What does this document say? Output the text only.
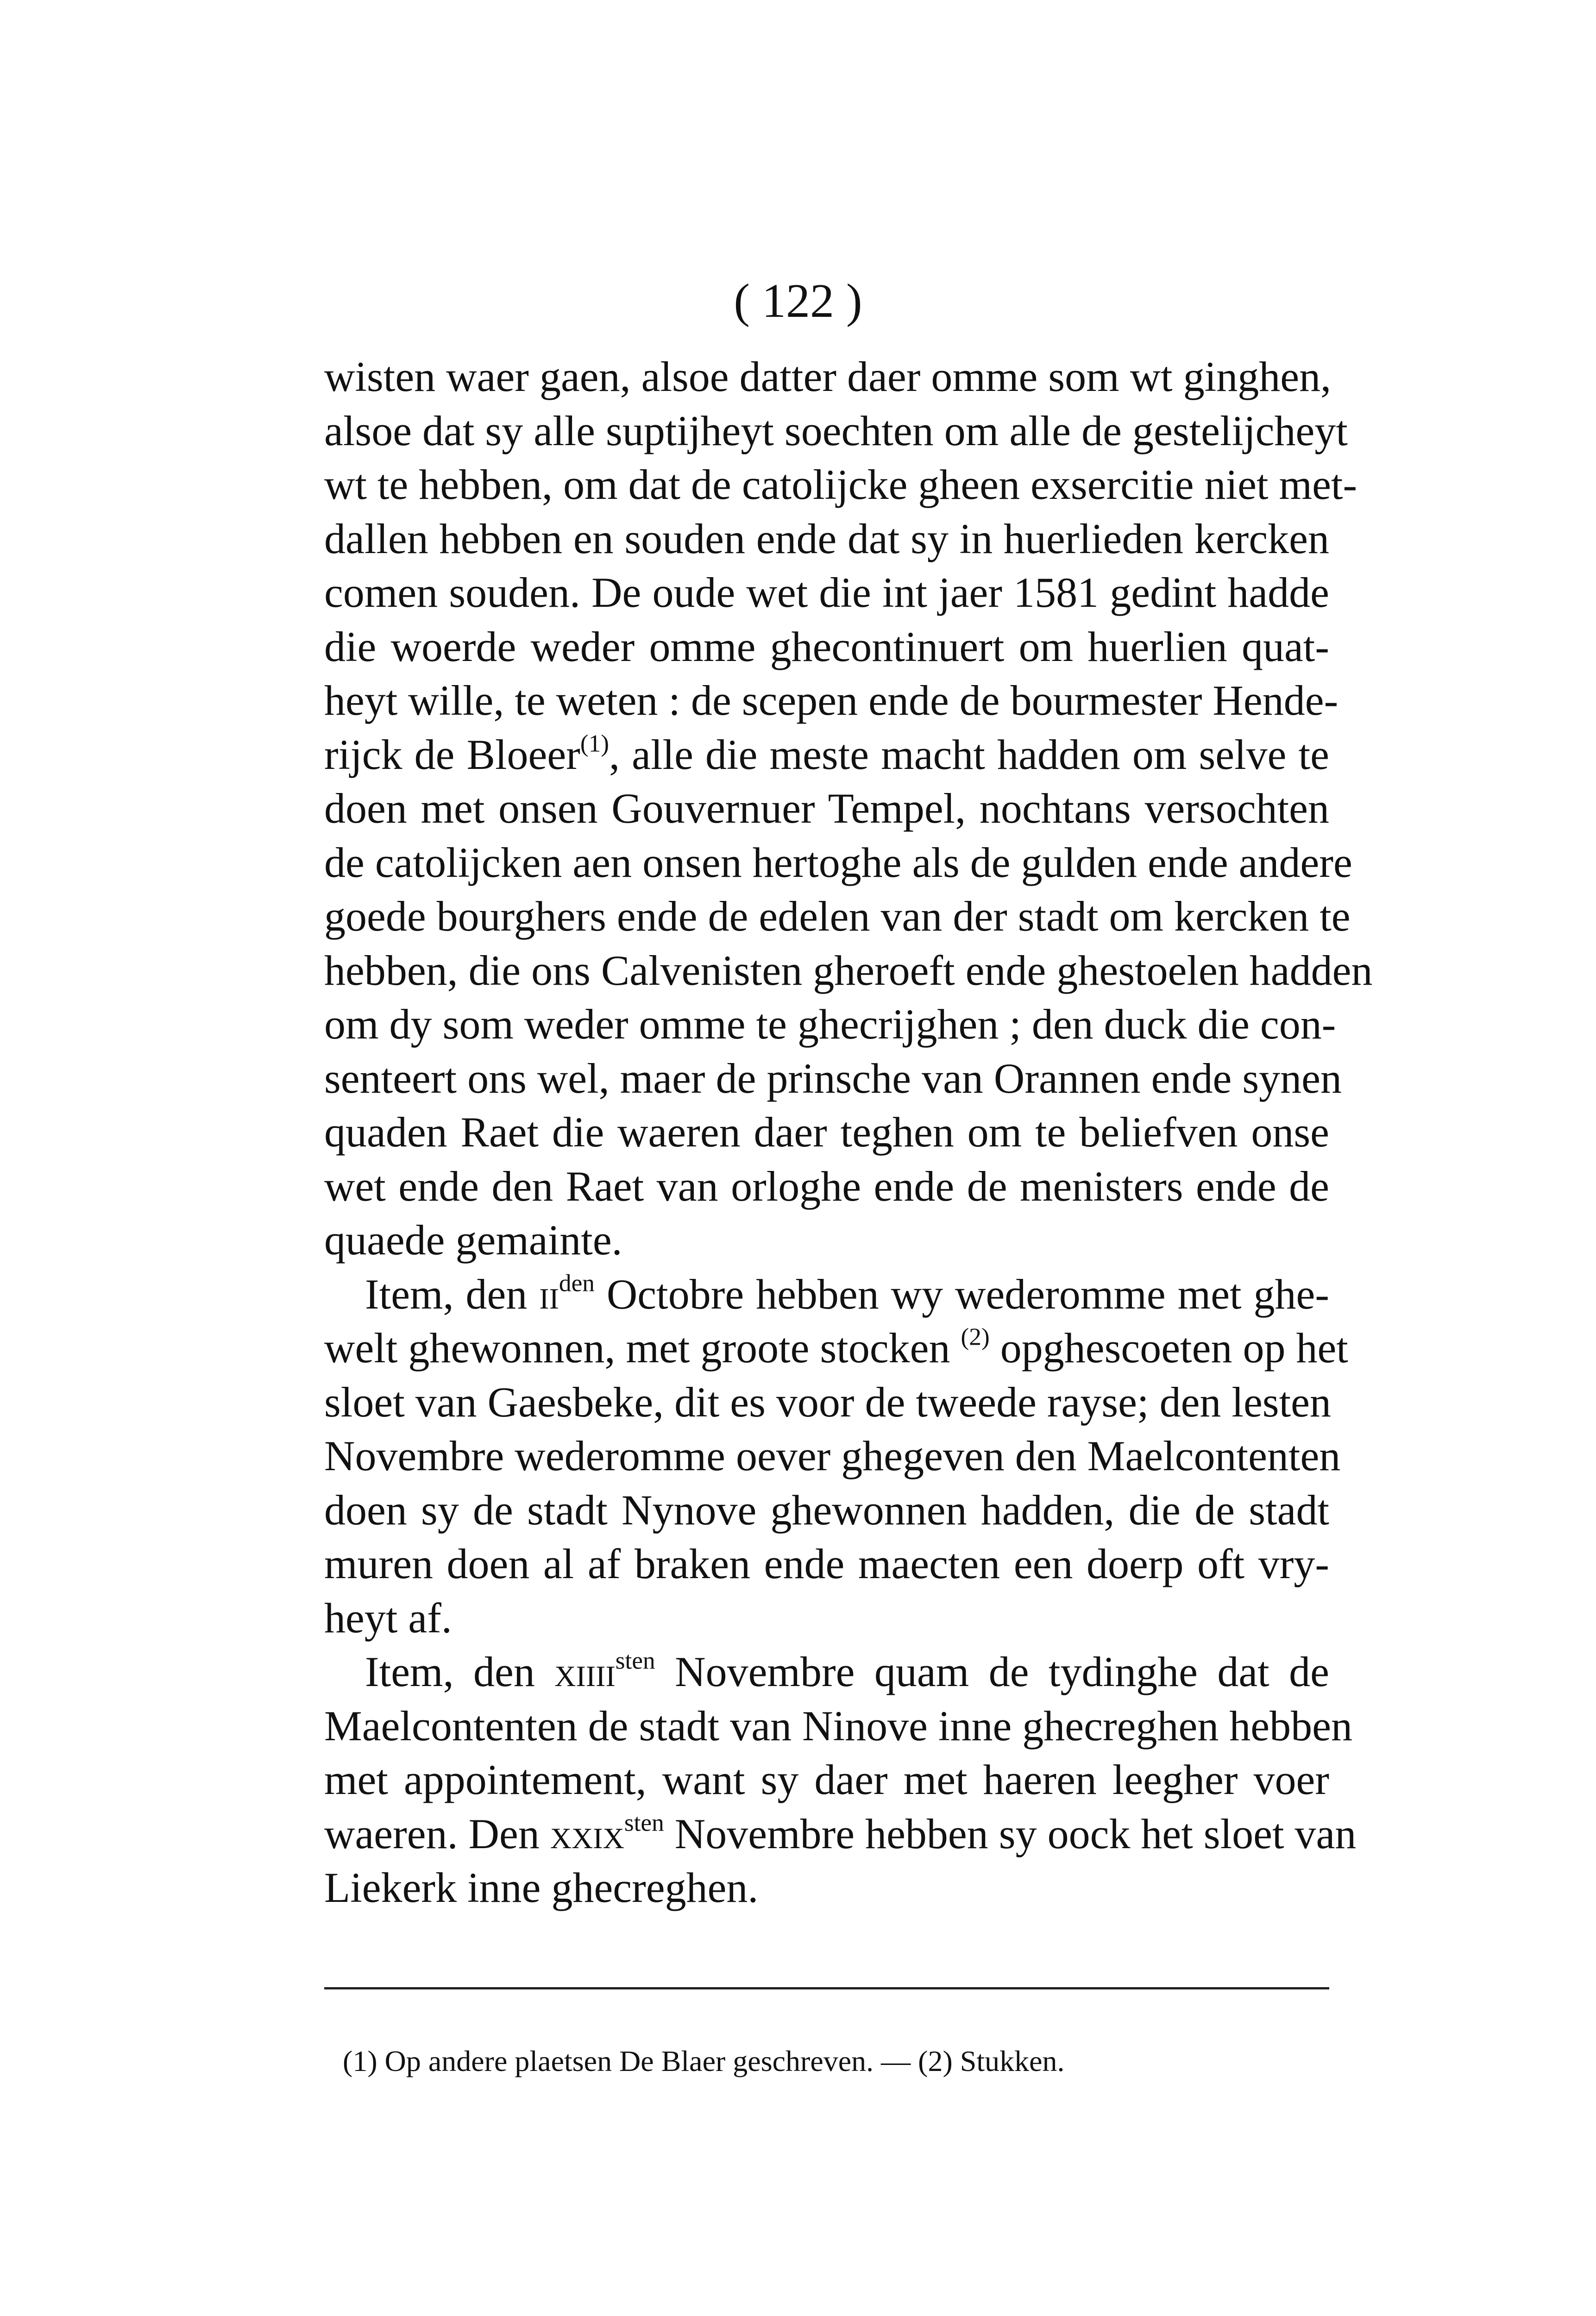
( 122 )
wisten waer gaen, alsoe datter daer omme som wt ginghen,
alsoe dat sy alle suptijheyt soechten om alle de gestelijcheyt
wt te hebben, om dat de catolijcke gheen exsercitie niet met-
dallen hebben en souden ende dat sy in huerlieden kercken
comen souden. De oude wet die int jaer 1581 gedint hadde
die woerde weder omme ghecontinuert om huerlien quat-
heyt wille, te weten : de scepen ende de bourmester Hende-
rijck de Bloeer$^{(1)}$, alle die meste macht hadden om selve te
doen met onsen Gouvernuer Tempel, nochtans versochten
de catolijcken aen onsen hertoghe als de gulden ende andere
goede bourghers ende de edelen van der stadt om kercken te
hebben, die ons Calvenisten gheroeft ende ghestoelen hadden
om dy som weder omme te ghecrijghen ; den duck die con-
senteert ons wel, maer de prinsche van Orannen ende synen
quaden Raet die waeren daer teghen om te beliefven onse
wet ende den Raet van orloghe ende de menisters ende de
quaede gemainte.
Item, den $ii^{den}$ Octobre hebben wy wederomme met ghe-
welt ghewonnen, met groote stocken $^{(2)}$ opghescoeten op het
sloet van Gaesbeke, dit es voor de tweede rayse; den lesten
Novembre wederomme oever ghegeven den Maelcontenten
doen sy de stadt Nynove ghewonnen hadden, die de stadt
muren doen al af braken ende maecten een doerp oft vry-
heyt af.
Item, den xiiii$^{sten}$ Novembre quam de tydinghe dat de
Maelcontenten de stadt van Ninove inne ghecreghen hebben
met appointement, want sy daer met haeren leegher voer
waeren. Den xxix$^{sten}$ Novembre hebben sy oock het sloet van
Liekerk inne ghecreghen.
(1) Op andere plaetsen De Blaer geschreven. — (2) Stukken.
